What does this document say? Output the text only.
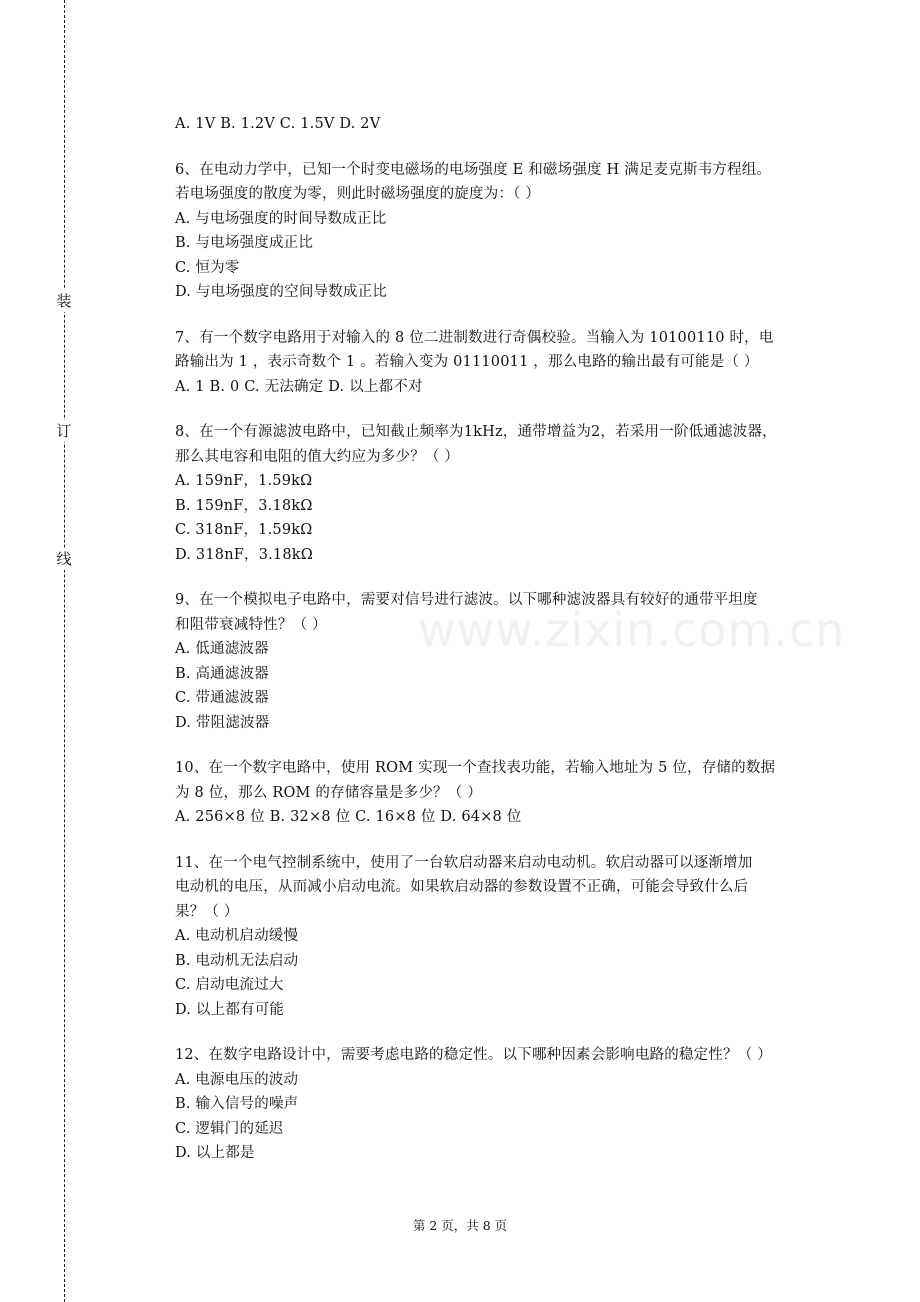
装
订
线
www.zixin.com.cn
A. 1V B. 1.2V C. 1.5V D. 2V
6、在电动力学中，已知一个时变电磁场的电场强度 E 和磁场强度 H 满足麦克斯韦方程组。
若电场强度的散度为零，则此时磁场强度的旋度为：（ ）
A. 与电场强度的时间导数成正比
B. 与电场强度成正比
C. 恒为零
D. 与电场强度的空间导数成正比
7、有一个数字电路用于对输入的 8 位二进制数进行奇偶校验。当输入为 10100110 时，电
路输出为 1 ，表示奇数个 1 。若输入变为 01110011 ，那么电路的输出最有可能是（ ）
A. 1 B. 0 C. 无法确定 D. 以上都不对
8、在一个有源滤波电路中，已知截止频率为1kHz，通带增益为2，若采用一阶低通滤波器，
那么其电容和电阻的值大约应为多少？（ ）
A. 159nF，1.59kΩ
B. 159nF，3.18kΩ
C. 318nF，1.59kΩ
D. 318nF，3.18kΩ
9、在一个模拟电子电路中，需要对信号进行滤波。以下哪种滤波器具有较好的通带平坦度
和阻带衰减特性？（ ）
A. 低通滤波器
B. 高通滤波器
C. 带通滤波器
D. 带阻滤波器
10、在一个数字电路中，使用 ROM 实现一个查找表功能，若输入地址为 5 位，存储的数据
为 8 位，那么 ROM 的存储容量是多少？（ ）
A. 256×8 位 B. 32×8 位 C. 16×8 位 D. 64×8 位
11、在一个电气控制系统中，使用了一台软启动器来启动电动机。软启动器可以逐渐增加
电动机的电压，从而减小启动电流。如果软启动器的参数设置不正确，可能会导致什么后
果？（ ）
A. 电动机启动缓慢
B. 电动机无法启动
C. 启动电流过大
D. 以上都有可能
12、在数字电路设计中，需要考虑电路的稳定性。以下哪种因素会影响电路的稳定性？（ ）
A. 电源电压的波动
B. 输入信号的噪声
C. 逻辑门的延迟
D. 以上都是
第 2 页，共 8 页
